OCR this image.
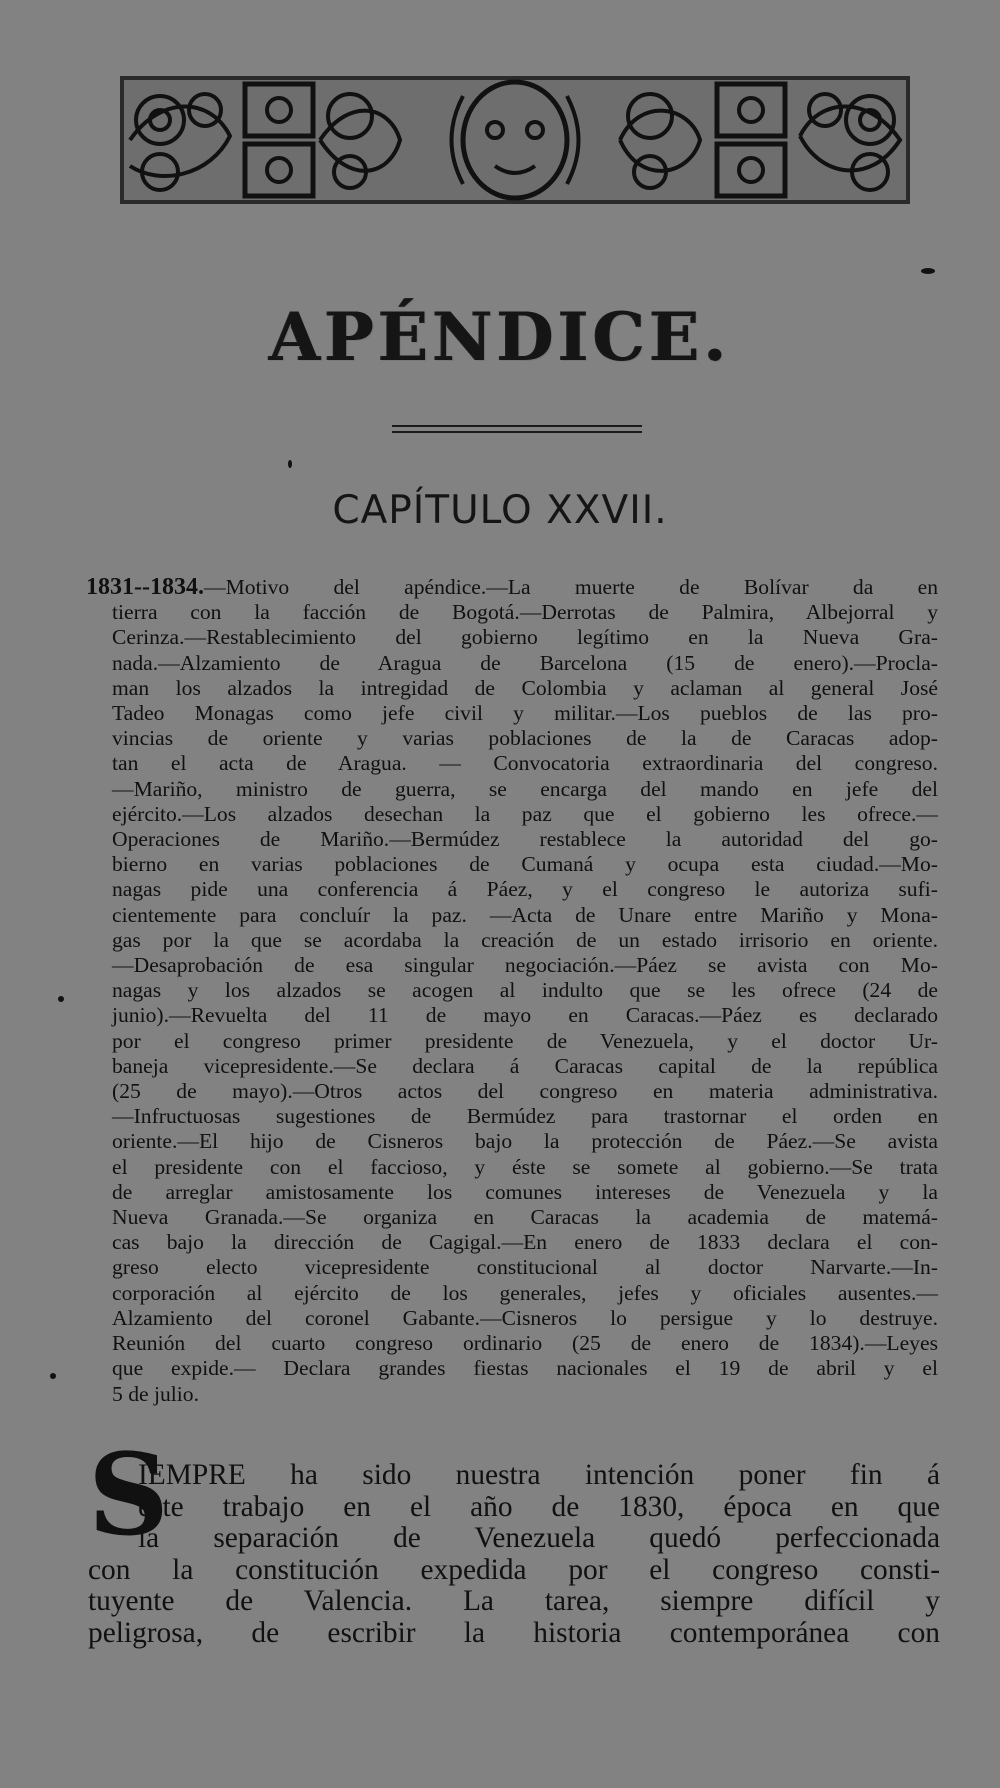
APÉNDICE.
CAPÍTULO XXVII.
1831--1834.—Motivo del apéndice.—La muerte de Bolívar da en
tierra con la facción de Bogotá.—Derrotas de Palmira, Albejorral y
Cerinza.—Restablecimiento del gobierno legítimo en la Nueva Gra-
nada.—Alzamiento de Aragua de Barcelona (15 de enero).—Procla-
man los alzados la intregidad de Colombia y aclaman al general José
Tadeo Monagas como jefe civil y militar.—Los pueblos de las pro-
vincias de oriente y varias poblaciones de la de Caracas adop-
tan el acta de Aragua. — Convocatoria extraordinaria del congreso.
—Mariño, ministro de guerra, se encarga del mando en jefe del
ejército.—Los alzados desechan la paz que el gobierno les ofrece.—
Operaciones de Mariño.—Bermúdez restablece la autoridad del go-
bierno en varias poblaciones de Cumaná y ocupa esta ciudad.—Mo-
nagas pide una conferencia á Páez, y el congreso le autoriza sufi-
cientemente para concluír la paz. —Acta de Unare entre Mariño y Mona-
gas por la que se acordaba la creación de un estado irrisorio en oriente.
—Desaprobación de esa singular negociación.—Páez se avista con Mo-
nagas y los alzados se acogen al indulto que se les ofrece (24 de
junio).—Revuelta del 11 de mayo en Caracas.—Páez es declarado
por el congreso primer presidente de Venezuela, y el doctor Ur-
baneja vicepresidente.—Se declara á Caracas capital de la república
(25 de mayo).—Otros actos del congreso en materia administrativa.
—Infructuosas sugestiones de Bermúdez para trastornar el orden en
oriente.—El hijo de Cisneros bajo la protección de Páez.—Se avista
el presidente con el faccioso, y éste se somete al gobierno.—Se trata
de arreglar amistosamente los comunes intereses de Venezuela y la
Nueva Granada.—Se organiza en Caracas la academia de matemá-
cas bajo la dirección de Cagigal.—En enero de 1833 declara el con-
greso electo vicepresidente constitucional al doctor Narvarte.—In-
corporación al ejército de los generales, jefes y oficiales ausentes.—
Alzamiento del coronel Gabante.—Cisneros lo persigue y lo destruye.
Reunión del cuarto congreso ordinario (25 de enero de 1834).—Leyes
que expide.— Declara grandes fiestas nacionales el 19 de abril y el
5 de julio.
S
IEMPRE ha sido nuestra intención poner fin á
este trabajo en el año de 1830, época en que
la separación de Venezuela quedó perfeccionada
con la constitución expedida por el congreso consti-
tuyente de Valencia. La tarea, siempre difícil y
peligrosa, de escribir la historia contemporánea con
